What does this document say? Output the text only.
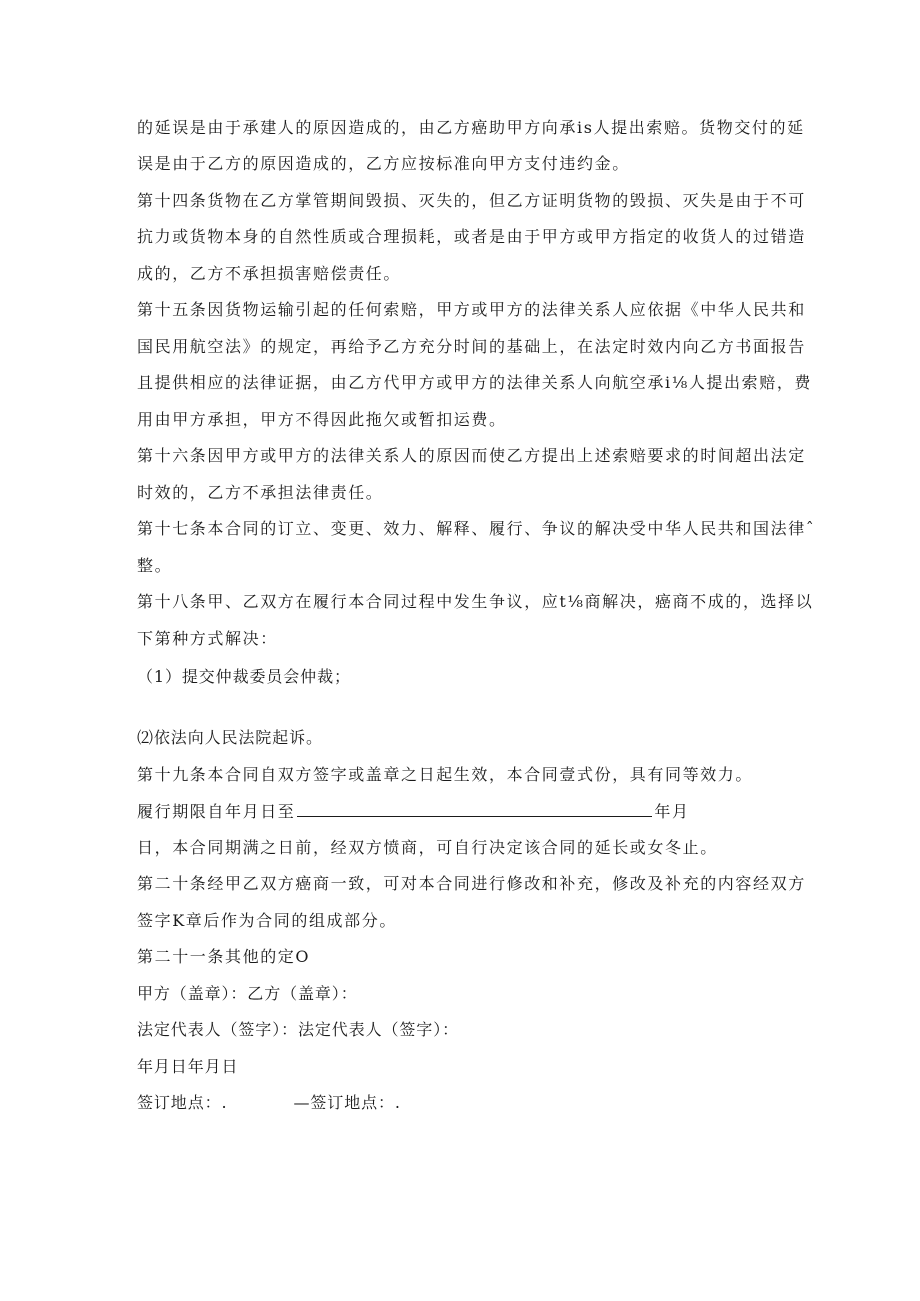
的延误是由于承建人的原因造成的，由乙方癌助甲方向承is人提出索赔。货物交付的延
误是由于乙方的原因造成的，乙方应按标准向甲方支付违约金。
第十四条货物在乙方掌管期间毁损、灭失的，但乙方证明货物的毁损、灭失是由于不可
抗力或货物本身的自然性质或合理损耗，或者是由于甲方或甲方指定的收货人的过错造
成的，乙方不承担损害赔偿责任。
第十五条因货物运输引起的任何索赔，甲方或甲方的法律关系人应依据《中华人民共和
国民用航空法》的规定，再给予乙方充分时间的基础上，在法定时效内向乙方书面报告
且提供相应的法律证据，由乙方代甲方或甲方的法律关系人向航空承i⅛人提出索赔，费
用由甲方承担，甲方不得因此拖欠或暂扣运费。
第十六条因甲方或甲方的法律关系人的原因而使乙方提出上述索赔要求的时间超出法定
时效的，乙方不承担法律责任。
第十七条本合同的订立、变更、效力、解释、履行、争议的解决受中华人民共和国法律ˆ
整。
第十八条甲、乙双方在履行本合同过程中发生争议，应t⅛商解决，癌商不成的，选择以
下第种方式解决：
（1）提交仲裁委员会仲裁；
⑵依法向人民法院起诉。
第十九条本合同自双方签字或盖章之日起生效，本合同壹式份，具有同等效力。
履行期限自年月日至	年月
日，本合同期满之日前，经双方愤商，可自行决定该合同的延长或女冬止。
第二十条经甲乙双方癌商一致，可对本合同进行修改和补充，修改及补充的内容经双方
签字K章后作为合同的组成部分。
第二十一条其他的定O
甲方（盖章）：乙方（盖章）：
法定代表人（签字）：法定代表人（签字）：
年月日年月日
签订地点：.	—签订地点：.
